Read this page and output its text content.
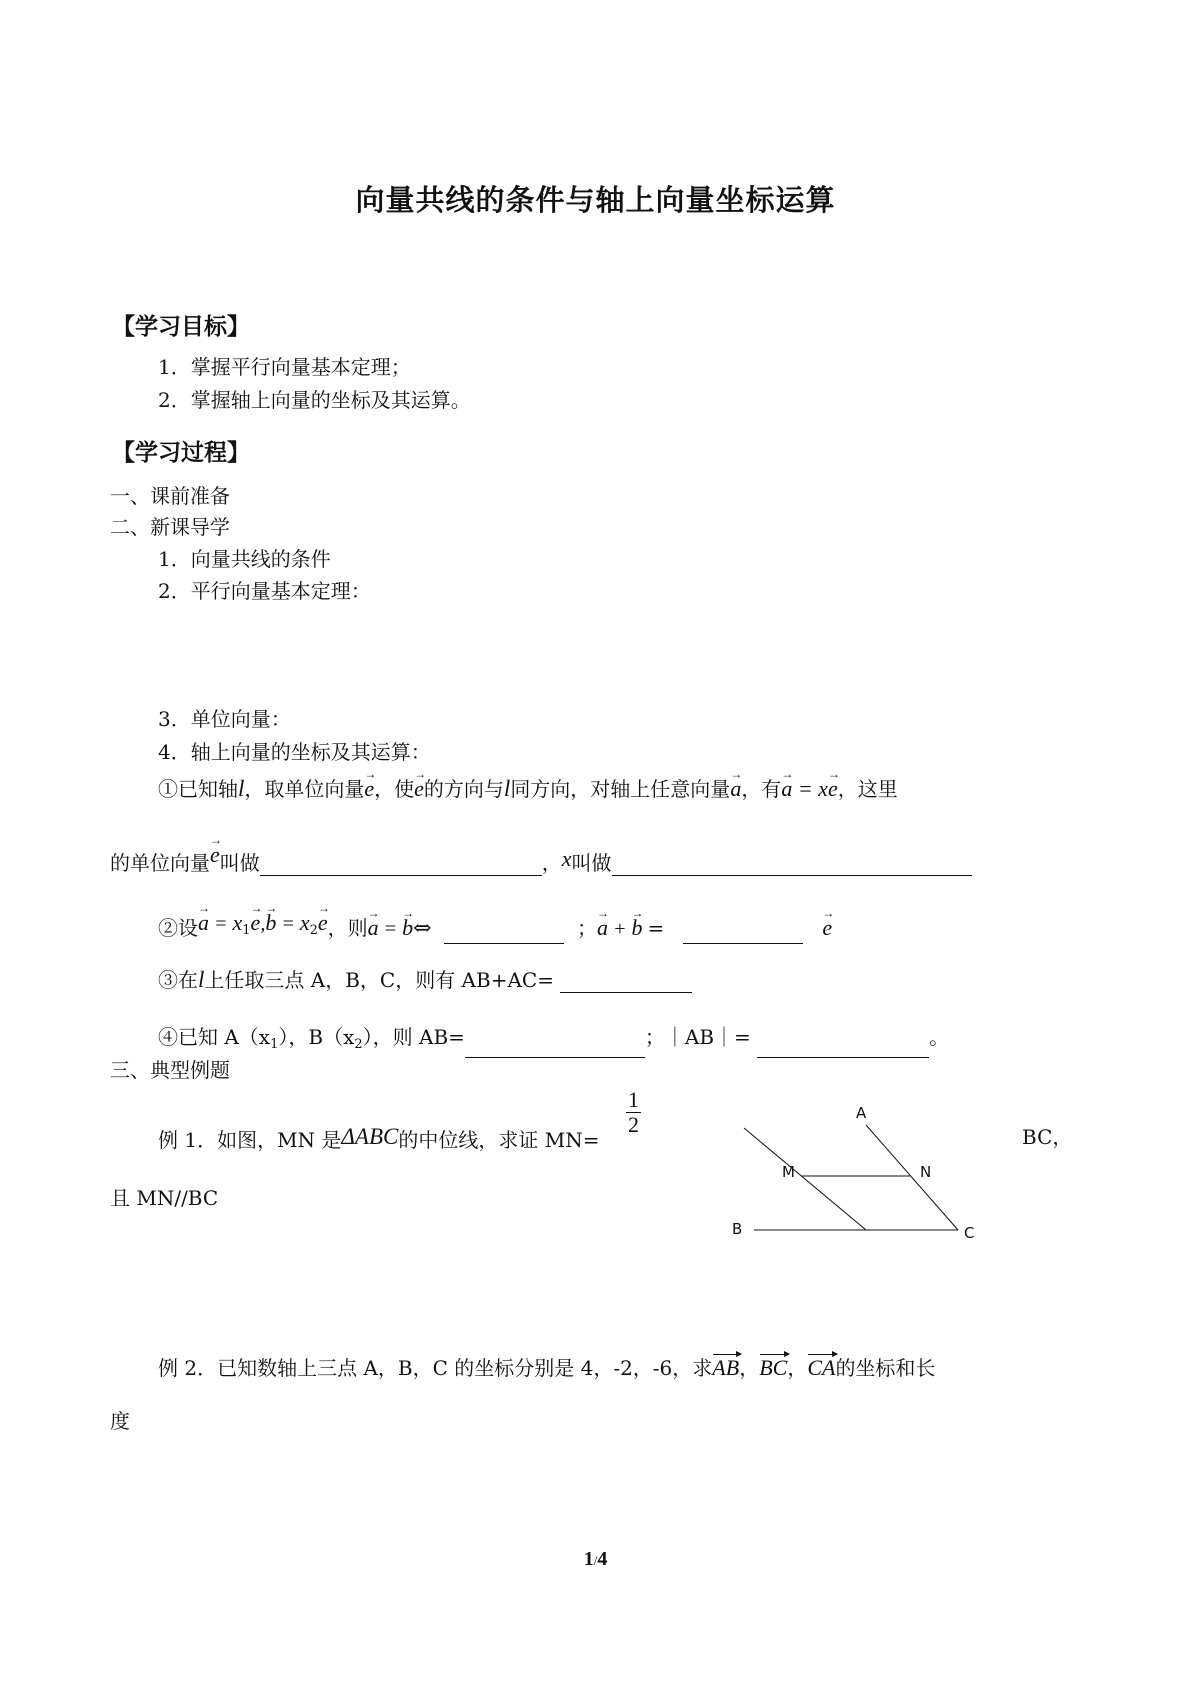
向量共线的条件与轴上向量坐标运算
【学习目标】
1．掌握平行向量基本定理；
2．掌握轴上向量的坐标及其运算。
【学习过程】
一、课前准备
二、新课导学
1．向量共线的条件
2．平行向量基本定理：
3．单位向量：
4．轴上向量的坐标及其运算：
①已知轴l，取单位向量→ e，使→ e的方向与l同方向，对轴上任意向量→ a，有→ a = x→ e，这里
的单位向量→ e叫做	，x叫做
②设→ $a = x_1\to e,\to b = x_2\to e$，则→ a = → b⇔	；→ a + → b =      →	e
③在l上任取三点 A，B，C，则有 AB+AC=
④已知 $A(x_1)$，$B(x_2)$，则 AB=	；｜AB｜=	。
三、典型例题
例 1．如图，MN 是ΔABC的中位线，求证 MN=
$\frac{1}{2}$	BC，
且 MN//BC
A
M	N
B	C
例 2．已知数轴上三点 A，B，C 的坐标分别是 4，-2，-6，求AB，BC，CA的坐标和长
度
1/4
